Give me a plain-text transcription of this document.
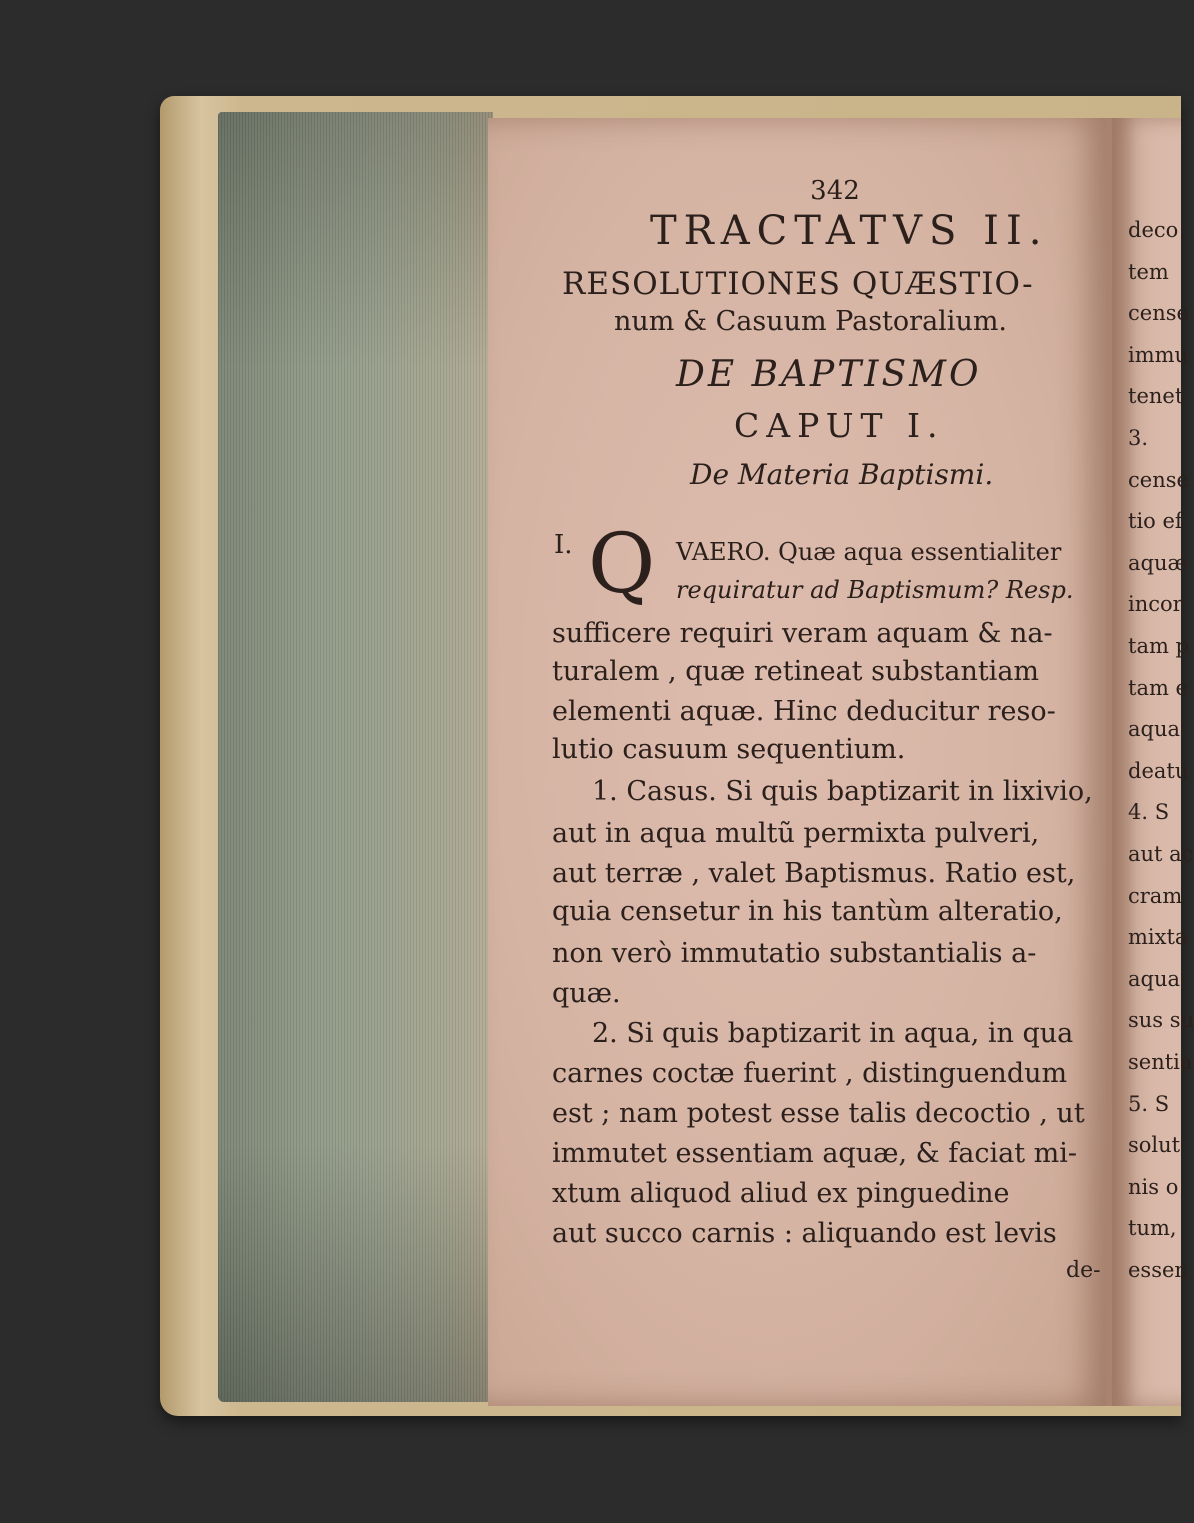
342
TRACTATVS II.
RESOLUTIONES QUÆSTIO-
num & Casuum Pastoralium.
DE BAPTISMO
CAPUT I.
De Materia Baptismi.
I. Q VAERO. Quæ aqua essentialiter
requiratur ad Baptismum? Resp.
sufficere requiri veram aquam & na-
turalem , quæ retineat substantiam
elementi aquæ. Hinc deducitur reso-
lutio casuum sequentium.
1. Casus. Si quis baptizarit in lixivio,
aut in aqua multũ permixta pulveri,
aut terræ , valet Baptismus. Ratio est,
quia censetur in his tantùm alteratio,
non verò immutatio substantialis a-
quæ.
2. Si quis baptizarit in aqua, in qua
carnes coctæ fuerint , distinguendum
est ; nam potest esse talis decoctio , ut
immutet essentiam aquæ, & faciat mi-
xtum aliquod aliud ex pinguedine
aut succo carnis : aliquando est levis
de-
deco
tem
cense
immu
tenet
3.
cense
tio ef
aquæ
incor
tam p
tam e
aqua
deatu
4. S
aut ac
cram
mixta
aqua
sus su
sentia
5. S
solut
nis o
tum,
essen
